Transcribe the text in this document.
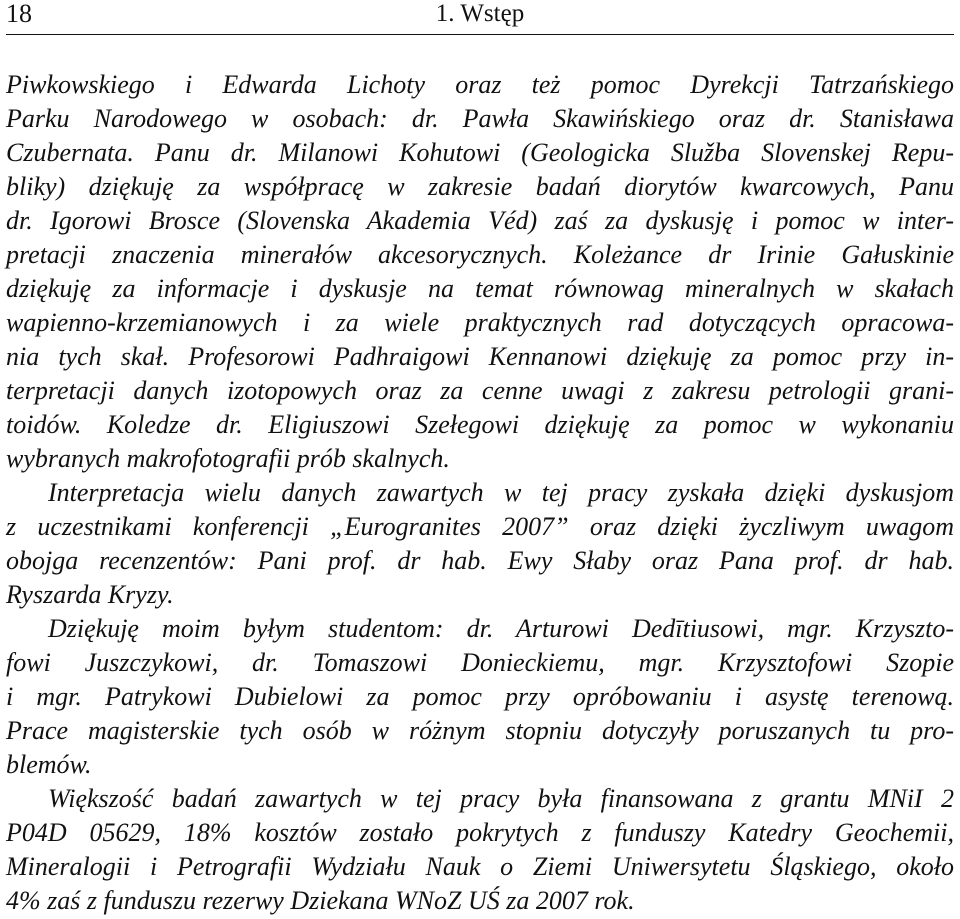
18	1. Wstęp

Piwkowskiego i Edwarda Lichoty oraz też pomoc Dyrekcji Tatrzańskiego
Parku Narodowego w osobach: dr. Pawła Skawińskiego oraz dr. Stanisława
Czubernata. Panu dr. Milanowi Kohutowi (Geologicka Služba Slovenskej Repu-
bliky) dziękuję za współpracę w zakresie badań diorytów kwarcowych, Panu
dr. Igorowi Brosce (Slovenska Akademia Véd) zaś za dyskusję i pomoc w inter-
pretacji znaczenia minerałów akcesorycznych. Koleżance dr Irinie Gałuskinie
dziękuję za informacje i dyskusje na temat równowag mineralnych w skałach
wapienno-krzemianowych i za wiele praktycznych rad dotyczących opracowa-
nia tych skał. Profesorowi Padhraigowi Kennanowi dziękuję za pomoc przy in-
terpretacji danych izotopowych oraz za cenne uwagi z zakresu petrologii grani-
toidów. Koledze dr. Eligiuszowi Szełegowi dziękuję za pomoc w wykonaniu
wybranych makrofotografii prób skalnych.

Interpretacja wielu danych zawartych w tej pracy zyskała dzięki dyskusjom
z uczestnikami konferencji „Eurogranites 2007” oraz dzięki życzliwym uwagom
obojga recenzentów: Pani prof. dr hab. Ewy Słaby oraz Pana prof. dr hab.
Ryszarda Kryzy.

Dziękuję moim byłym studentom: dr. Arturowi Dedītiusowi, mgr. Krzyszto-
fowi Juszczykowi, dr. Tomaszowi Donieckiemu, mgr. Krzysztofowi Szopie
i mgr. Patrykowi Dubielowi za pomoc przy opróbowaniu i asystę terenową.
Prace magisterskie tych osób w różnym stopniu dotyczyły poruszanych tu pro-
blemów.

Większość badań zawartych w tej pracy była finansowana z grantu MNiI 2
P04D 05629, 18% kosztów zostało pokrytych z funduszy Katedry Geochemii,
Mineralogii i Petrografii Wydziału Nauk o Ziemi Uniwersytetu Śląskiego, około
4% zaś z funduszu rezerwy Dziekana WNoZ UŚ za 2007 rok.
